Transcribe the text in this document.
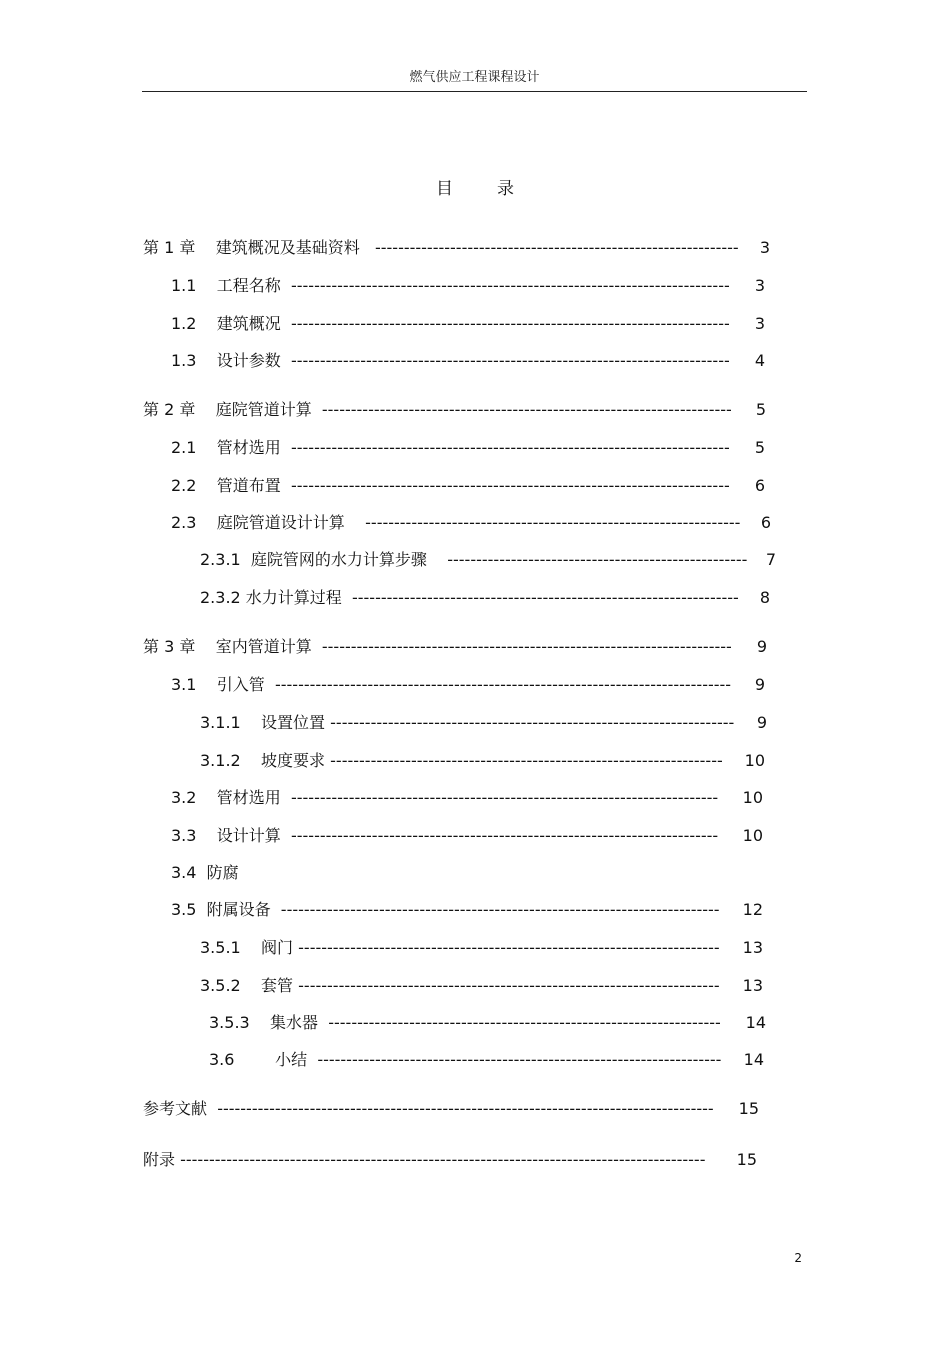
燃气供应工程课程设计
目	录
第 1 章    建筑概况及基础资料   --------------------------------------------------------------- 3
1.1    工程名称  ---------------------------------------------------------------------------- 3
1.2    建筑概况  ---------------------------------------------------------------------------- 3
1.3    设计参数  ---------------------------------------------------------------------------- 4
第 2 章    庭院管道计算  ----------------------------------------------------------------------- 5
2.1    管材选用  ---------------------------------------------------------------------------- 5
2.2    管道布置  ---------------------------------------------------------------------------- 6
2.3    庭院管道设计计算    ----------------------------------------------------------------- 6
2.3.1  庭院管网的水力计算步骤    ---------------------------------------------------- 7
2.3.2 水力计算过程  ------------------------------------------------------------------- 8
第 3 章    室内管道计算  ----------------------------------------------------------------------- 9
3.1    引入管  ------------------------------------------------------------------------------- 9
3.1.1    设置位置 ---------------------------------------------------------------------- 9
3.1.2    坡度要求 -------------------------------------------------------------------- 10
3.2    管材选用  -------------------------------------------------------------------------- 10
3.3    设计计算  -------------------------------------------------------------------------- 10
3.4  防腐
3.5  附属设备  ---------------------------------------------------------------------------- 12
3.5.1    阀门 ------------------------------------------------------------------------- 13
3.5.2    套管 ------------------------------------------------------------------------- 13
3.5.3    集水器  -------------------------------------------------------------------- 14
3.6        小结  ---------------------------------------------------------------------- 14
参考文献  -------------------------------------------------------------------------------------- 15
附录 ------------------------------------------------------------------------------------------- 15
2
